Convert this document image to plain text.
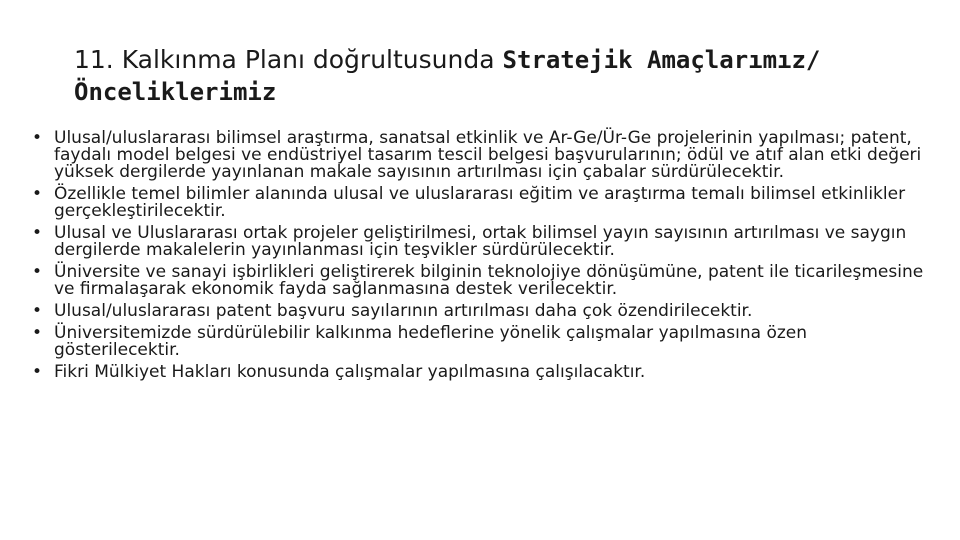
11. Kalkınma Planı doğrultusunda Stratejik Amaçlarımız/Önceliklerimiz
• Ulusal/uluslararası bilimsel araştırma, sanatsal etkinlik ve Ar-Ge/Ür-Ge projelerinin yapılması; patent, faydalı model belgesi ve endüstriyel tasarım tescil belgesi başvurularının; ödül ve atıf alan etki değeri yüksek dergilerde yayınlanan makale sayısının artırılması için çabalar sürdürülecektir.
• Özellikle temel bilimler alanında ulusal ve uluslararası eğitim ve araştırma temalı bilimsel etkinlikler gerçekleştirilecektir.
• Ulusal ve Uluslararası ortak projeler geliştirilmesi, ortak bilimsel yayın sayısının artırılması ve saygın dergilerde makalelerin yayınlanması için teşvikler sürdürülecektir.
• Üniversite ve sanayi işbirlikleri geliştirerek bilginin teknolojiye dönüşümüne, patent ile ticarileşmesine ve firmalaşarak ekonomik fayda sağlanmasına destek verilecektir.
• Ulusal/uluslararası patent başvuru sayılarının artırılması daha çok özendirilecektir.
• Üniversitemizde sürdürülebilir kalkınma hedeflerine yönelik çalışmalar yapılmasına özen gösterilecektir.
• Fikri Mülkiyet Hakları konusunda çalışmalar yapılmasına çalışılacaktır.
